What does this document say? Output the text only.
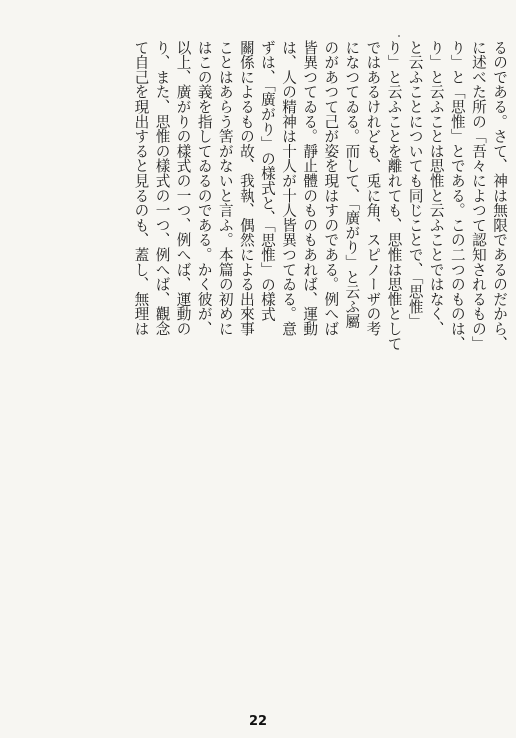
るのである。さて、神は無限であるのだから、
に述べた所の「吾々によつて認知されるもの」
り」と「思惟」とである。この二つのものは、
り」と云ふことは思惟と云ふことではなく、
と云ふことについても同じことで、「思惟」
り」と云ふことを離れても、思惟は思惟として
ではあるけれども、兎に角、スピノーザの考
になつてゐる。而して、「廣がり」と云ふ屬
のがあつて己が姿を現はすのである。例へば
皆異つてゐる。靜止體のものもあれば、運動
は、人の精神は十人が十人皆異つてゐる。意
ずは、「廣がり」の樣式と、「思惟」の樣式
關係によるもの故、我執、偶然による出來事
ことはあらう筈がないと言ふ。本篇の初めに
はこの義を指してゐるのである。かく彼が、
以上、廣がりの樣式の一つ、例へば、運動の
り、また、思惟の樣式の一つ、例へば、觀念
て自己を現出すると見るのも、蓋し、無理は
22
